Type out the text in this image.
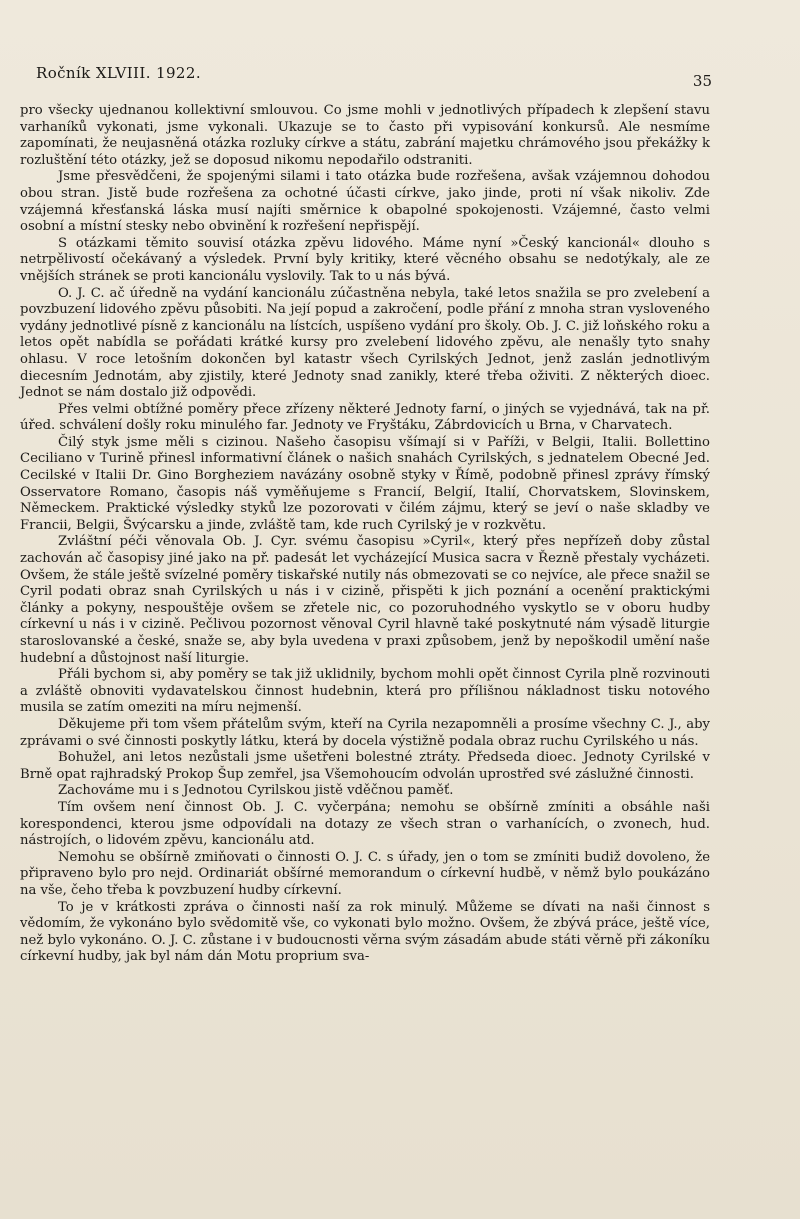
Ročník XLVIII. 1922.	35

pro všecky ujednanou kollektivní smlouvou. Co jsme mohli v jednotlivých případech k zlepšení stavu varhaníků vykonati, jsme vykonali. Ukazuje se to často při vypisování konkursů. Ale nesmíme zapomínati, že neujasněná otázka rozluky církve a státu, zabrání majetku chrámového jsou překážky k rozluštění této otázky, jež se doposud nikomu nepodařilo odstraniti.

Jsme přesvědčeni, že spojenými silami i tato otázka bude rozřešena, avšak vzájemnou dohodou obou stran. Jistě bude rozřešena za ochotné účasti církve, jako jinde, proti ní však nikoliv. Zde vzájemná křesťanská láska musí najíti směrnice k obapolné spokojenosti. Vzájemné, často velmi osobní a místní stesky nebo obvinění k rozřešení nepřispějí.

S otázkami těmito souvisí otázka zpěvu lidového. Máme nyní »Český kancionál« dlouho s netrpělivostí očekávaný a výsledek. První byly kritiky, které věcného obsahu se nedotýkaly, ale ze vnějších stránek se proti kancionálu vyslovily. Tak to u nás bývá.

O. J. C. ač úředně na vydání kancionálu zúčastněna nebyla, také letos snažila se pro zvelebení a povzbuzení lidového zpěvu působiti. Na její popud a zakročení, podle přání z mnoha stran vysloveného vydány jednotlivé písně z kancionálu na lístcích, uspíšeno vydání pro školy. Ob. J. C. již loňského roku a letos opět nabídla se pořádati krátké kursy pro zvelebení lidového zpěvu, ale nenašly tyto snahy ohlasu. V roce letošním dokončen byl katastr všech Cyrilských Jednot, jenž zaslán jednotlivým diecesním Jednotám, aby zjistily, které Jednoty snad zanikly, které třeba oživiti. Z některých dioec. Jednot se nám dostalo již odpovědi.

Přes velmi obtížné poměry přece zřízeny některé Jednoty farní, o jiných se vyjednává, tak na př. úřed. schválení došly roku minulého far. Jednoty ve Fryštáku, Zábrdovicích u Brna, v Charvatech.

Čilý styk jsme měli s cizinou. Našeho časopisu všímají si v Paříži, v Belgii, Italii. Bollettino Ceciliano v Turině přinesl informativní článek o našich snahách Cyrilských, s jednatelem Obecné Jed. Cecilské v Italii Dr. Gino Borgheziem navázány osobně styky v Římě, podobně přinesl zprávy římský Osservatore Romano, časopis náš vyměňujeme s Francií, Belgií, Italií, Chorvatskem, Slovinskem, Německem. Praktické výsledky styků lze pozorovati v čilém zájmu, který se jeví o naše skladby ve Francii, Belgii, Švýcarsku a jinde, zvláště tam, kde ruch Cyrilský je v rozkvětu.

Zvláštní péči věnovala Ob. J. Cyr. svému časopisu »Cyril«, který přes nepřízeň doby zůstal zachován ač časopisy jiné jako na př. padesát let vycházející Musica sacra v Řezně přestaly vycházeti. Ovšem, že stále ještě svízelné poměry tiskařské nutily nás obmezovati se co nejvíce, ale přece snažil se Cyril podati obraz snah Cyrilských u nás i v cizině, přispěti k jich poznání a ocenění praktickými články a pokyny, nespouštěje ovšem se zřetele nic, co pozoruhodného vyskytlo se v oboru hudby církevní u nás i v cizině. Pečlivou pozornost věnoval Cyril hlavně také poskytnuté nám výsadě liturgie staroslovanské a české, snaže se, aby byla uvedena v praxi způsobem, jenž by nepoškodil umění naše hudební a důstojnost naší liturgie.

Přáli bychom si, aby poměry se tak již uklidnily, bychom mohli opět činnost Cyrila plně rozvinouti a zvláště obnoviti vydavatelskou činnost hudebnin, která pro přílišnou nákladnost tisku notového musila se zatím omeziti na míru nejmenší.

Děkujeme při tom všem přátelům svým, kteří na Cyrila nezapomněli a prosíme všechny C. J., aby zprávami o své činnosti poskytly látku, která by docela výstižně podala obraz ruchu Cyrilského u nás.

Bohužel, ani letos nezůstali jsme ušetřeni bolestné ztráty. Předseda dioec. Jednoty Cyrilské v Brně opat rajhradský Prokop Šup zemřel, jsa Všemohoucím odvolán uprostřed své záslužné činnosti.

Zachováme mu i s Jednotou Cyrilskou jistě vděčnou paměť.

Tím ovšem není činnost Ob. J. C. vyčerpána; nemohu se obšírně zmíniti a obsáhle naši korespondenci, kterou jsme odpovídali na dotazy ze všech stran o varhanících, o zvonech, hud. nástrojích, o lidovém zpěvu, kancionálu atd.

Nemohu se obšírně zmiňovati o činnosti O. J. C. s úřady, jen o tom se zmíniti budiž dovoleno, že připraveno bylo pro nejd. Ordinariát obšírné memorandum o církevní hudbě, v němž bylo poukázáno na vše, čeho třeba k povzbuzení hudby církevní.

To je v krátkosti zpráva o činnosti naší za rok minulý. Můžeme se dívati na naši činnost s vědomím, že vykonáno bylo svědomitě vše, co vykonati bylo možno. Ovšem, že zbývá práce, ještě více, než bylo vykonáno. O. J. C. zůstane i v budoucnosti věrna svým zásadám abude státi věrně při zákoníku církevní hudby, jak byl nám dán Motu proprium sva-
